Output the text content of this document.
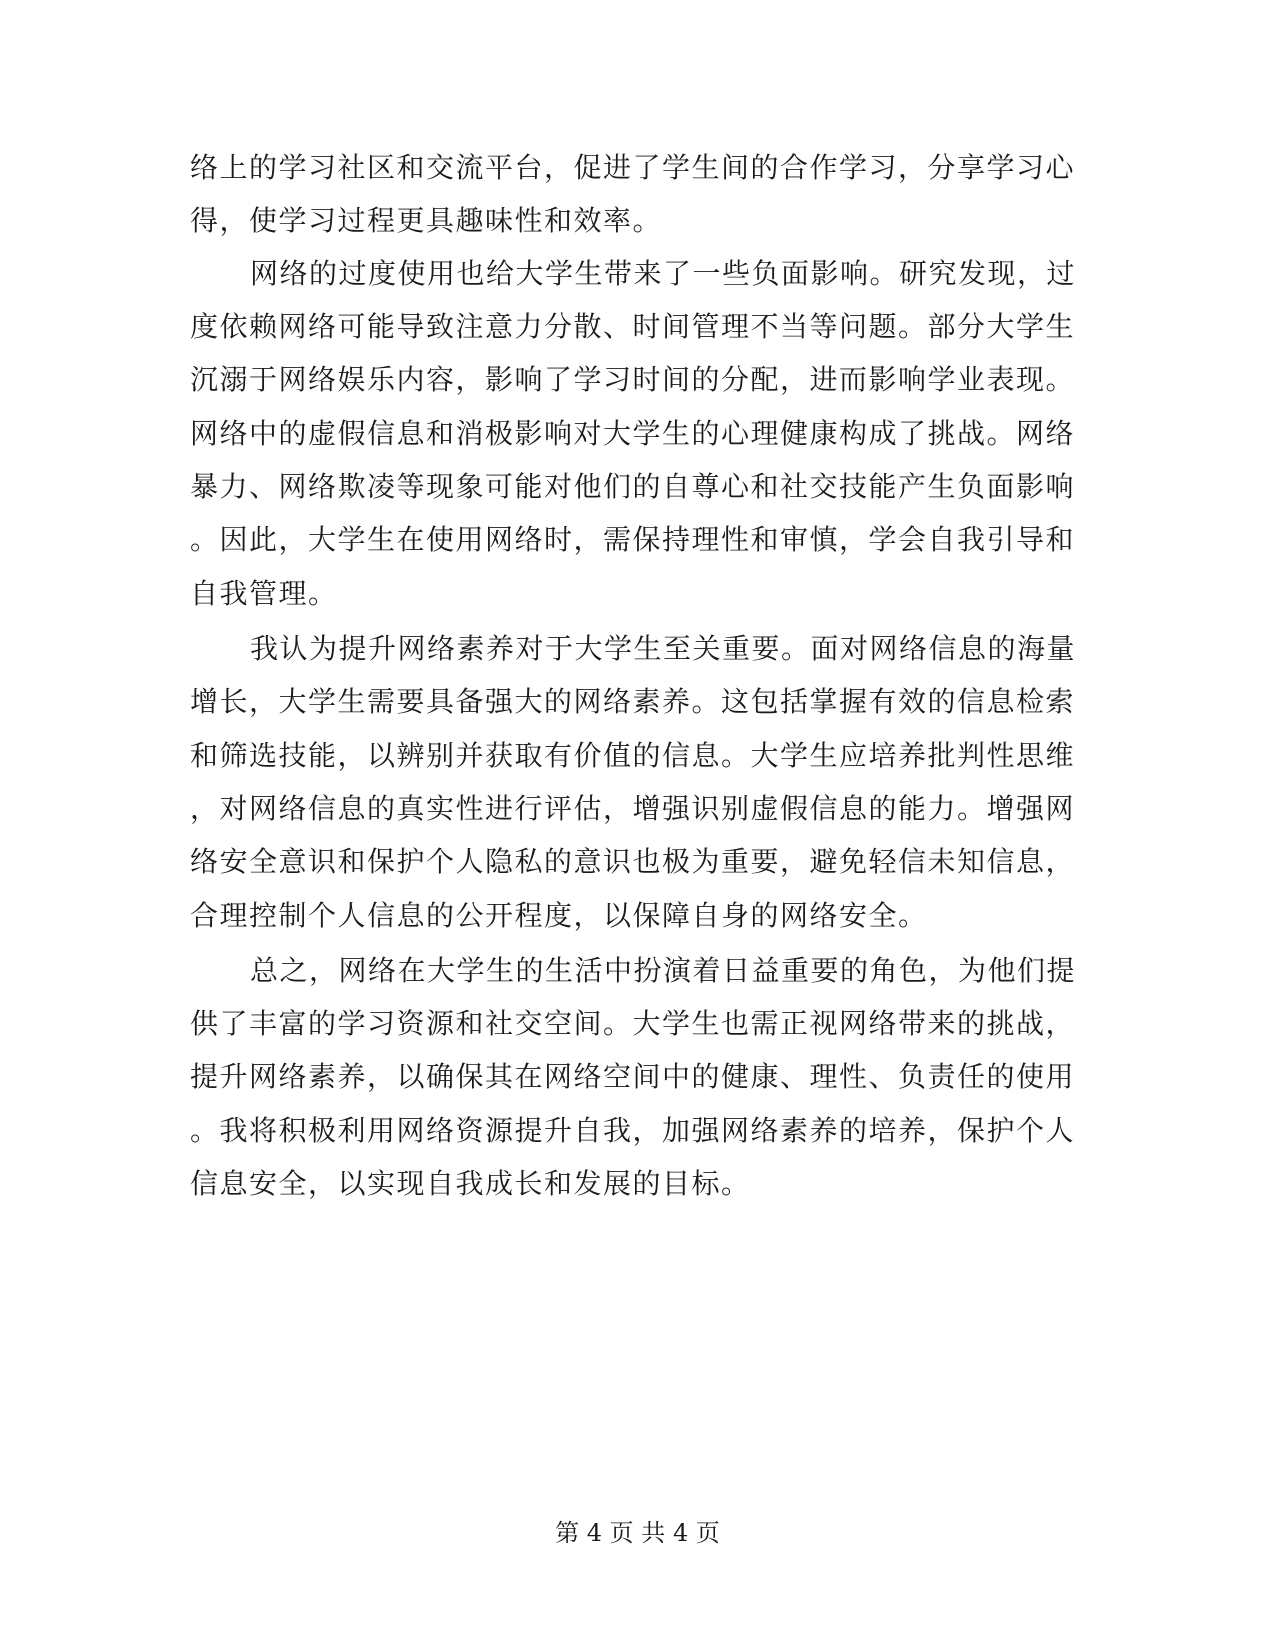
络上的学习社区和交流平台，促进了学生间的合作学习，分享学习心
得，使学习过程更具趣味性和效率。
网络的过度使用也给大学生带来了一些负面影响。研究发现，过
度依赖网络可能导致注意力分散、时间管理不当等问题。部分大学生
沉溺于网络娱乐内容，影响了学习时间的分配，进而影响学业表现。
网络中的虚假信息和消极影响对大学生的心理健康构成了挑战。网络
暴力、网络欺凌等现象可能对他们的自尊心和社交技能产生负面影响
。因此，大学生在使用网络时，需保持理性和审慎，学会自我引导和
自我管理。
我认为提升网络素养对于大学生至关重要。面对网络信息的海量
增长，大学生需要具备强大的网络素养。这包括掌握有效的信息检索
和筛选技能，以辨别并获取有价值的信息。大学生应培养批判性思维
，对网络信息的真实性进行评估，增强识别虚假信息的能力。增强网
络安全意识和保护个人隐私的意识也极为重要，避免轻信未知信息，
合理控制个人信息的公开程度，以保障自身的网络安全。
总之，网络在大学生的生活中扮演着日益重要的角色，为他们提
供了丰富的学习资源和社交空间。大学生也需正视网络带来的挑战，
提升网络素养，以确保其在网络空间中的健康、理性、负责任的使用
。我将积极利用网络资源提升自我，加强网络素养的培养，保护个人
信息安全，以实现自我成长和发展的目标。
第 4 页 共 4 页
